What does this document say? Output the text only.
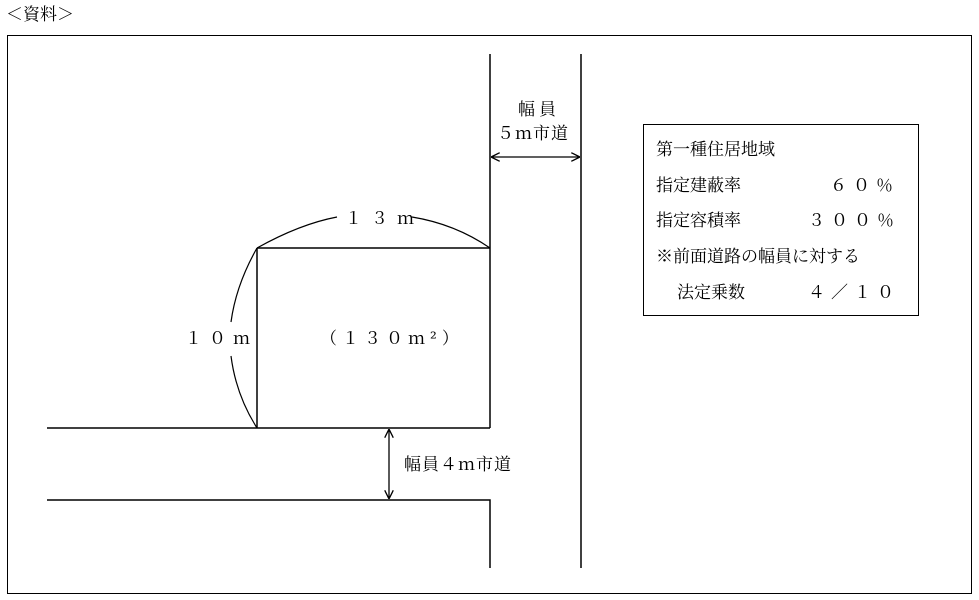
＜資料＞
幅員
５ｍ市道
１３ｍ
１０ｍ	（１３０ｍ²）
幅員４ｍ市道
第一種住居地域
指定建蔽率	６０％
指定容積率	３００％
※前面道路の幅員に対する
法定乗数	４／１０
